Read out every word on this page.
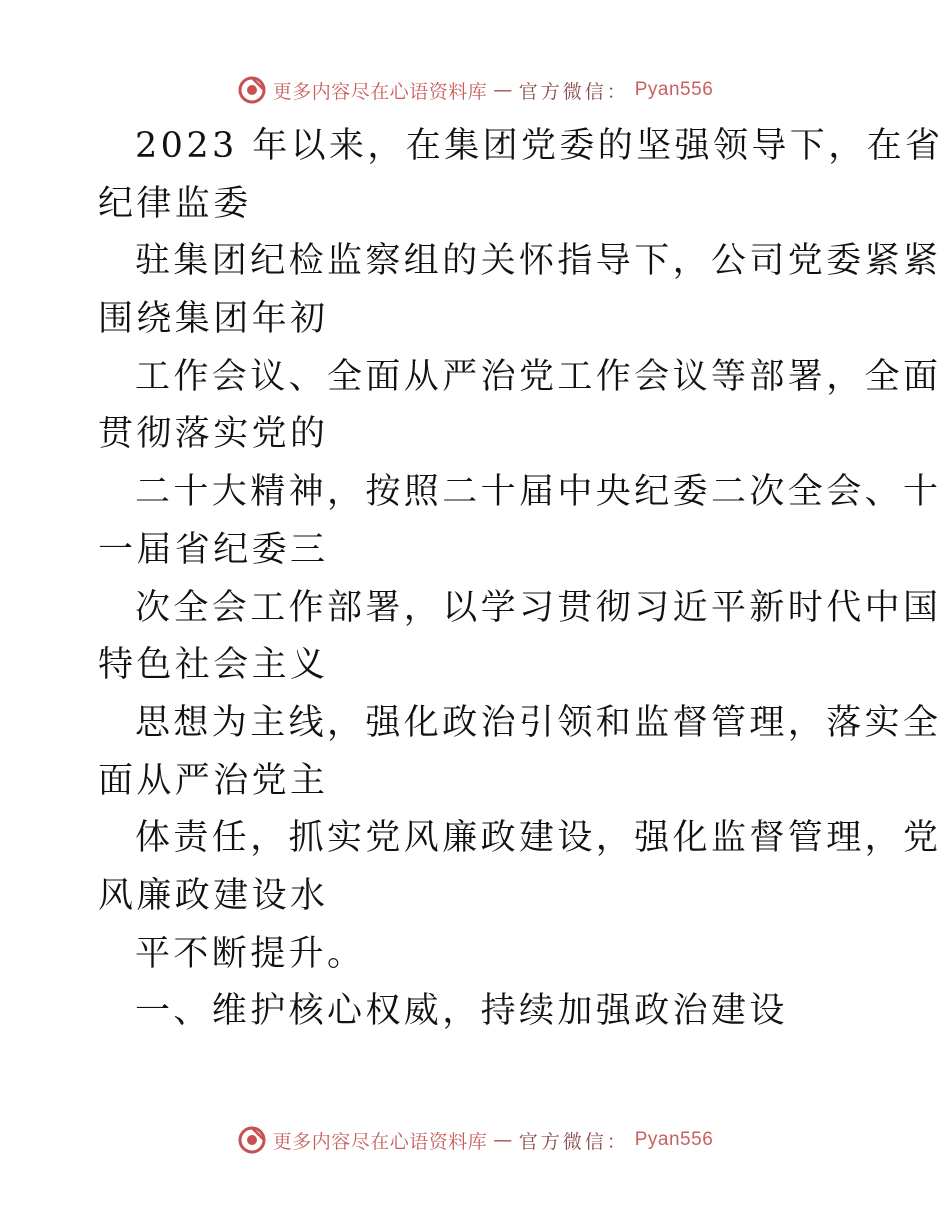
更多内容尽在心语资料库 — 官方微信： Pyan556
2023 年以来，在集团党委的坚强领导下，在省
纪律监委
驻集团纪检监察组的关怀指导下，公司党委紧紧
围绕集团年初
工作会议、全面从严治党工作会议等部署，全面
贯彻落实党的
二十大精神，按照二十届中央纪委二次全会、十
一届省纪委三
次全会工作部署，以学习贯彻习近平新时代中国
特色社会主义
思想为主线，强化政治引领和监督管理，落实全
面从严治党主
体责任，抓实党风廉政建设，强化监督管理，党
风廉政建设水
平不断提升。
一、维护核心权威，持续加强政治建设
更多内容尽在心语资料库 — 官方微信： Pyan556
